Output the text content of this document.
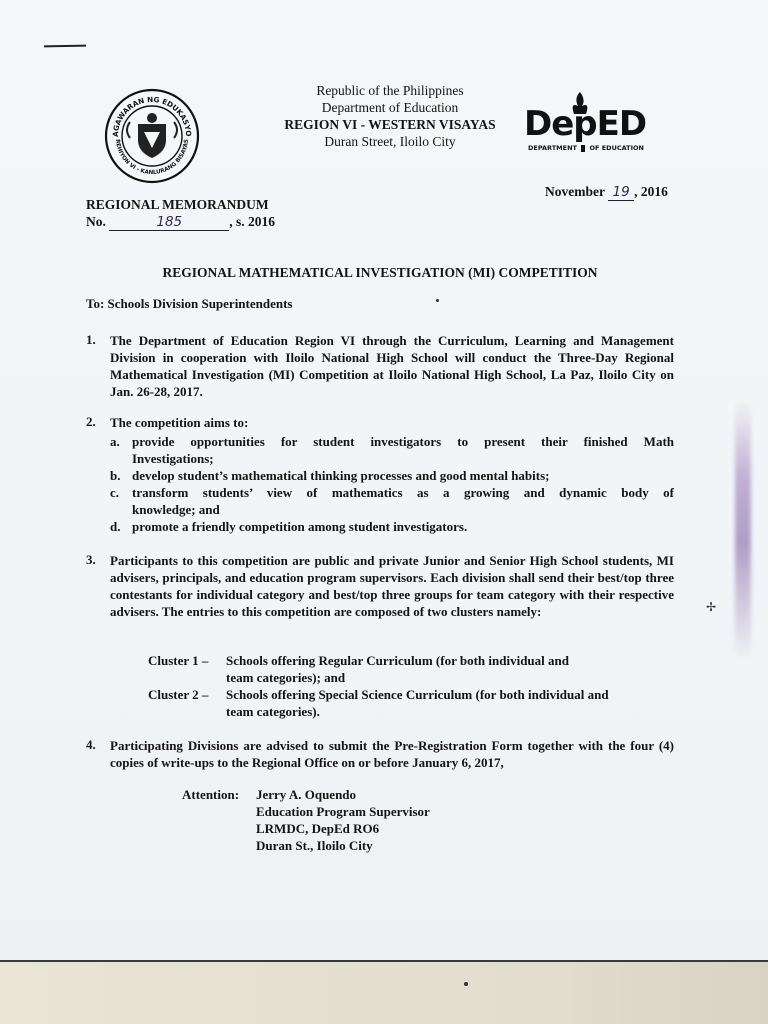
AGAWARAN NG EDUKASYO
REHIYON VI - KANLURANG BISAYAS
Republic of the Philippines
Department of Education
REGION VI - WESTERN VISAYAS
Duran Street, Iloilo City	DepED
DEPARTMENT OF EDUCATION
November 19 , 2016
REGIONAL MEMORANDUM
No.	185	, s. 2016
REGIONAL MATHEMATICAL INVESTIGATION (MI) COMPETITION
To: Schools Division Superintendents
1. The Department of Education Region VI through the Curriculum, Learning and Management Division in cooperation with Iloilo National High School will conduct the Three-Day Regional Mathematical Investigation (MI) Competition at Iloilo National High School, La Paz, Iloilo City on Jan. 26-28, 2017.
2. The competition aims to:
a. provide opportunities for student investigators to present their finished Math
Investigations;
b. develop student’s mathematical thinking processes and good mental habits;
c. transform students’ view of mathematics as a growing and dynamic body of
knowledge; and
d. promote a friendly competition among student investigators.
3. Participants to this competition are public and private Junior and Senior High School students, MI advisers, principals, and education program supervisors. Each division shall send their best/top three contestants for individual category and best/top three groups for team category with their respective advisers. The entries to this competition are composed of two clusters namely:
Cluster 1 – Schools offering Regular Curriculum (for both individual and
team categories); and
Cluster 2 – Schools offering Special Science Curriculum (for both individual and
team categories).
4. Participating Divisions are advised to submit the Pre-Registration Form together with the four (4) copies of write-ups to the Regional Office on or before January 6, 2017,
Attention: Jerry A. Oquendo
Education Program Supervisor
LRMDC, DepEd RO6
Duran St., Iloilo City
✢
